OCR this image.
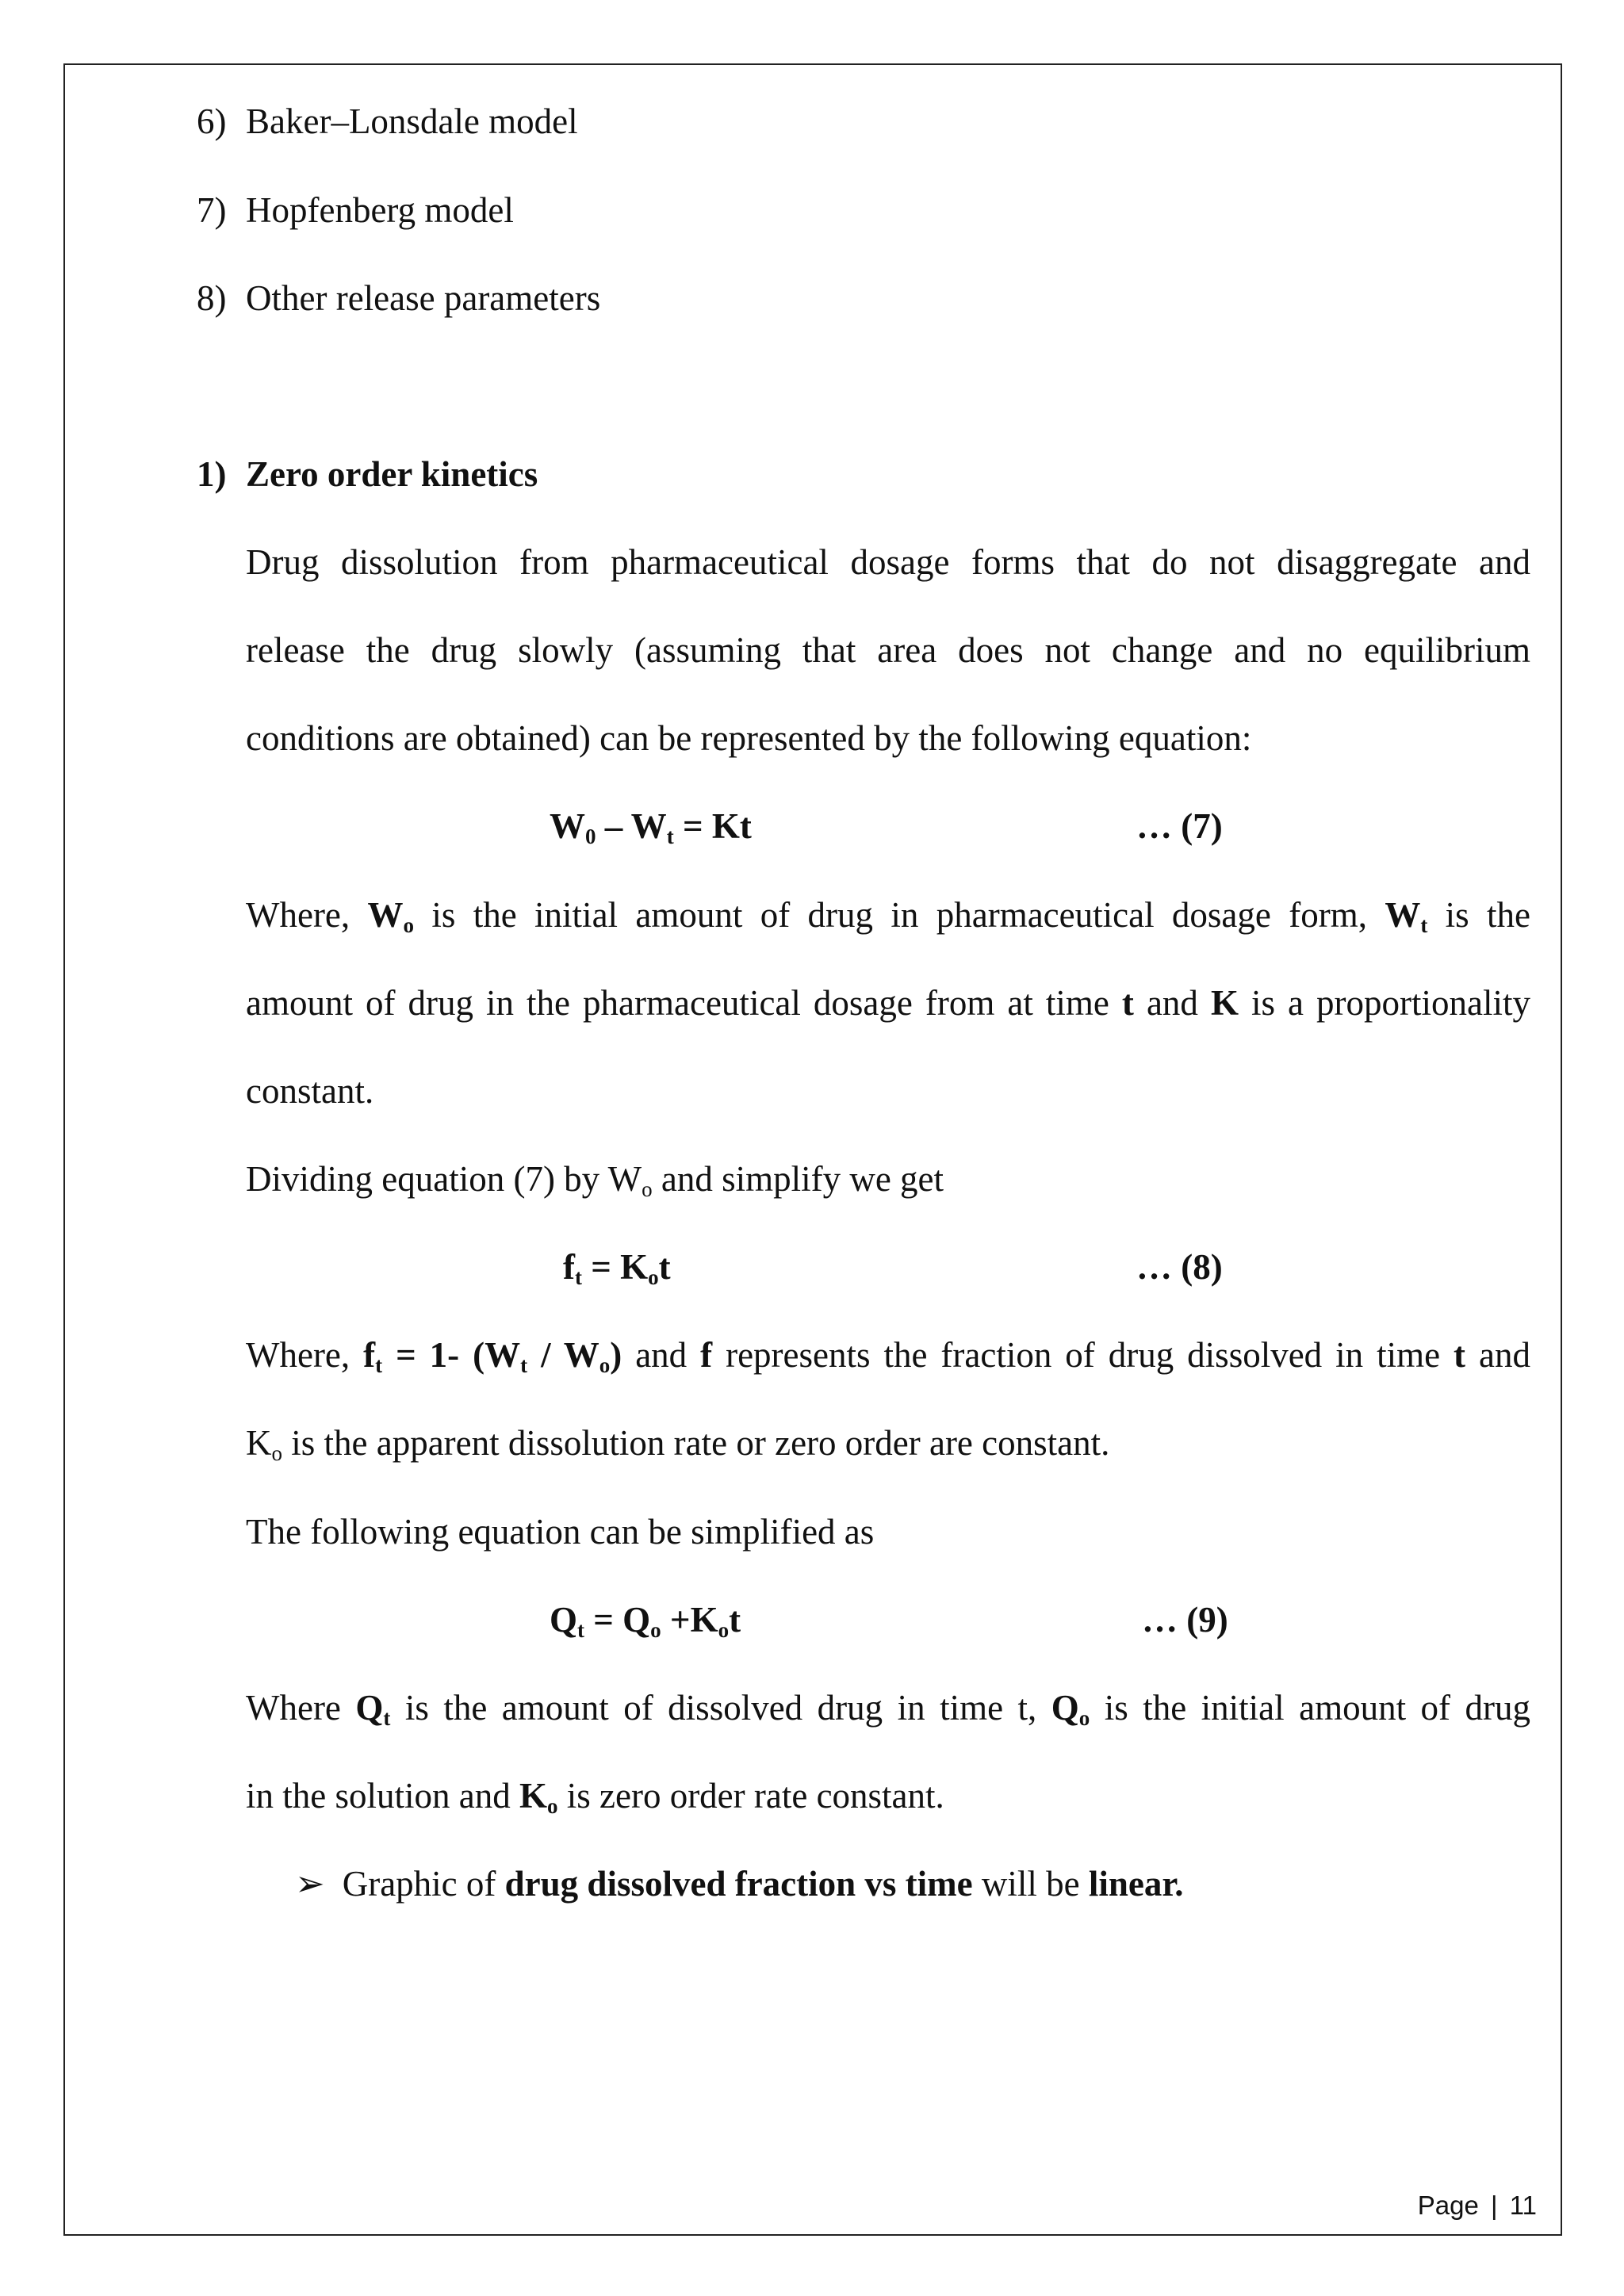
6) Baker–Lonsdale model
7) Hopfenberg model
8) Other release parameters
1) Zero order kinetics
Drug dissolution from pharmaceutical dosage forms that do not disaggregate and
release the drug slowly (assuming that area does not change and no equilibrium
conditions are obtained) can be represented by the following equation:
$W_0 - W_t = Kt$	… (7)
Where, $W_o$ is the initial amount of drug in pharmaceutical dosage form, $W_t$ is the
amount of drug in the pharmaceutical dosage from at time t and K is a proportionality
constant.
Dividing equation (7) by $W_o$ and simplify we get
$f_t = K_ot$	… (8)
Where, $f_t = 1-$ $(W_t / W_o)$ and f represents the fraction of drug dissolved in time t and
$K_o$ is the apparent dissolution rate or zero order are constant.
The following equation can be simplified as
$Q_t = Q_o +K_ot$	… (9)
Where $Q_t$ is the amount of dissolved drug in time t, $Q_o$ is the initial amount of drug
in the solution and $K_o$ is zero order rate constant.
➢ Graphic of drug dissolved fraction vs time will be linear.
Page | 11
